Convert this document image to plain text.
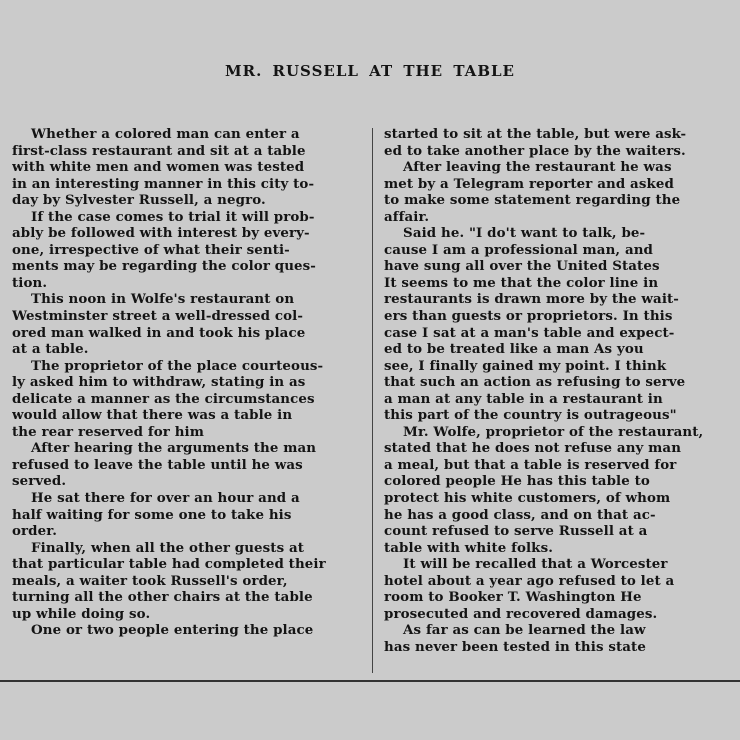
MR. RUSSELL AT THE TABLE
Whether a colored man can enter a
first-class restaurant and sit at a table
with white men and women was tested
in an interesting manner in this city to-
day by Sylvester Russell, a negro.
If the case comes to trial it will prob-
ably be followed with interest by every-
one, irrespective of what their senti-
ments may be regarding the color ques-
tion.
This noon in Wolfe's restaurant on
Westminster street a well-dressed col-
ored man walked in and took his place
at a table.
The proprietor of the place courteous-
ly asked him to withdraw, stating in as
delicate a manner as the circumstances
would allow that there was a table in
the rear reserved for him
After hearing the arguments the man
refused to leave the table until he was
served.
He sat there for over an hour and a
half waiting for some one to take his
order.
Finally, when all the other guests at
that particular table had completed their
meals, a waiter took Russell's order,
turning all the other chairs at the table
up while doing so.
One or two people entering the place
started to sit at the table, but were ask-
ed to take another place by the waiters.
After leaving the restaurant he was
met by a Telegram reporter and asked
to make some statement regarding the
affair.
Said he. "I do't want to talk, be-
cause I am a professional man, and
have sung all over the United States
It seems to me that the color line in
restaurants is drawn more by the wait-
ers than guests or proprietors. In this
case I sat at a man's table and expect-
ed to be treated like a man As you
see, I finally gained my point. I think
that such an action as refusing to serve
a man at any table in a restaurant in
this part of the country is outrageous"
Mr. Wolfe, proprietor of the restaurant,
stated that he does not refuse any man
a meal, but that a table is reserved for
colored people He has this table to
protect his white customers, of whom
he has a good class, and on that ac-
count refused to serve Russell at a
table with white folks.
It will be recalled that a Worcester
hotel about a year ago refused to let a
room to Booker T. Washington He
prosecuted and recovered damages.
As far as can be learned the law
has never been tested in this state
